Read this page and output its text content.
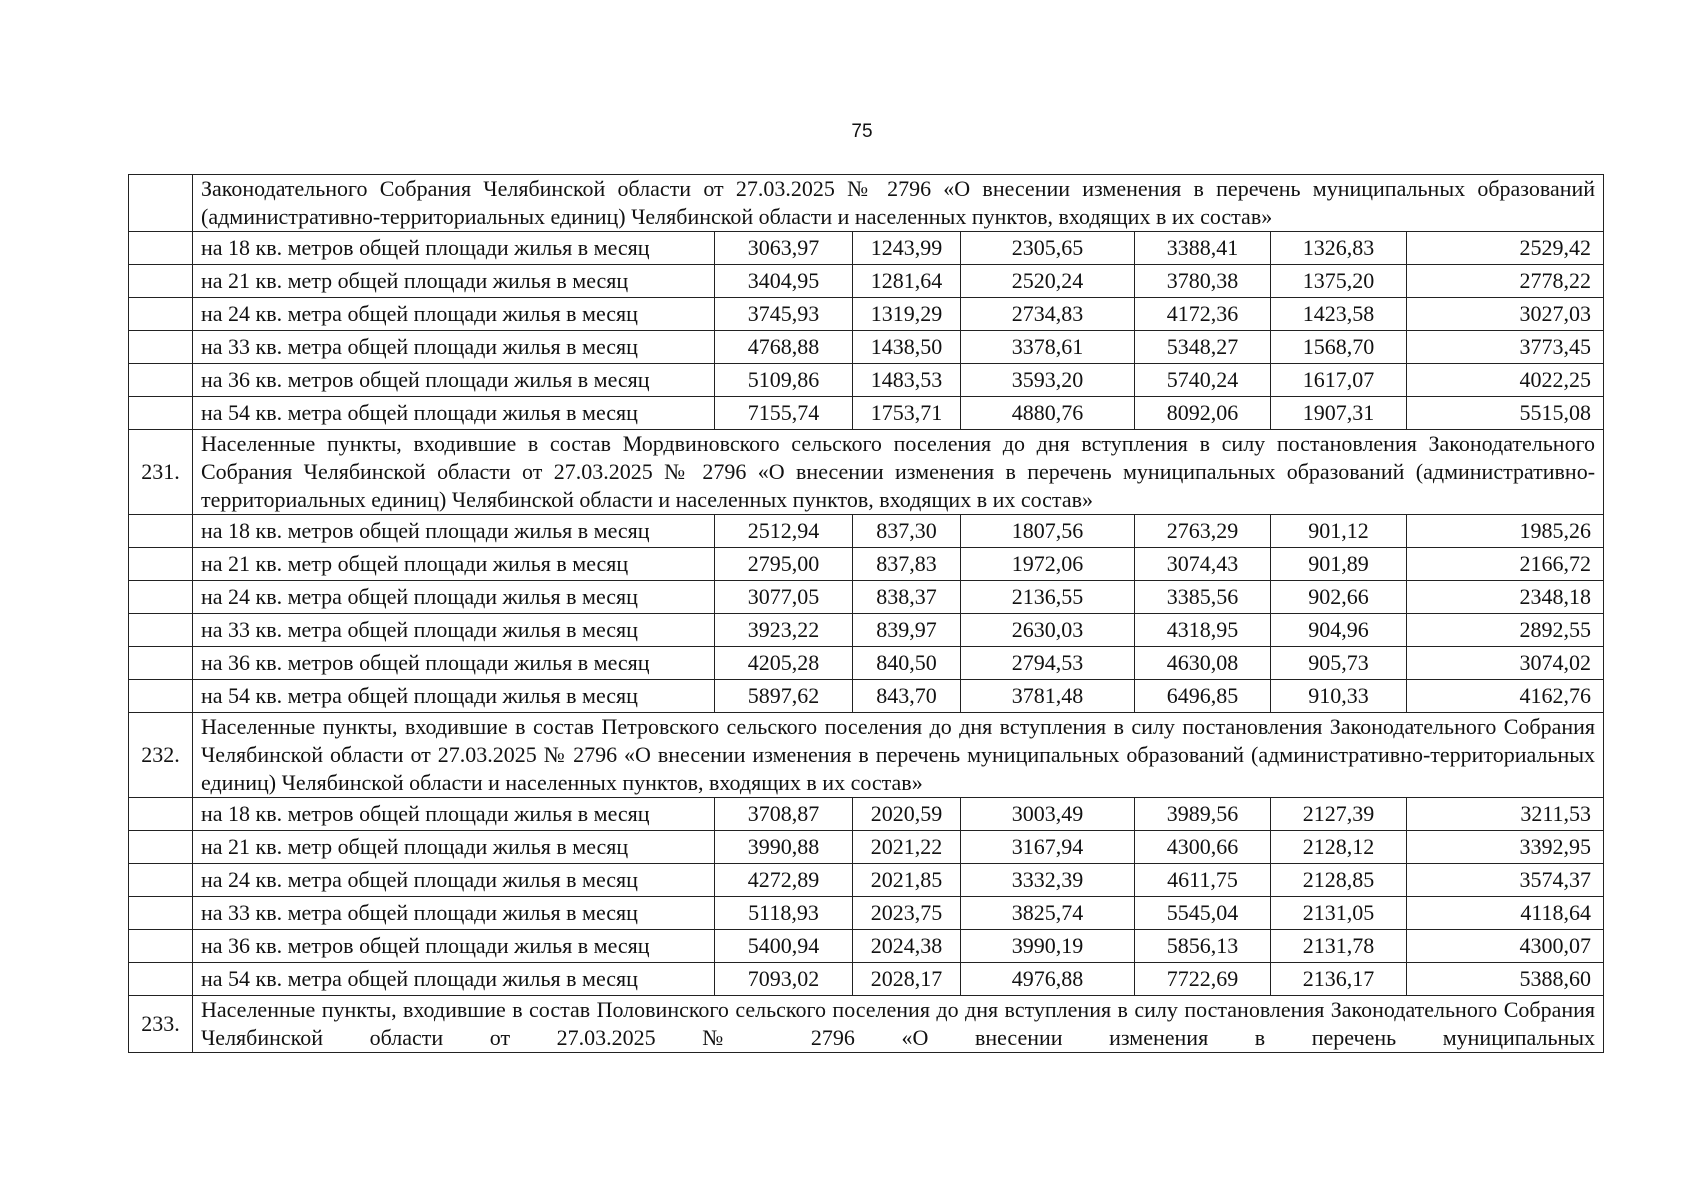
75
	Законодательного Собрания Челябинской области от 27.03.2025 № 2796 «О внесении изменения в перечень муниципальных образований (административно-территориальных единиц) Челябинской области и населенных пунктов, входящих в их состав»						
	на 18 кв. метров общей площади жилья в месяц	3063,97	1243,99	2305,65	3388,41	1326,83	2529,42
	на 21 кв. метр общей площади жилья в месяц	3404,95	1281,64	2520,24	3780,38	1375,20	2778,22
	на 24 кв. метра общей площади жилья в месяц	3745,93	1319,29	2734,83	4172,36	1423,58	3027,03
	на 33 кв. метра общей площади жилья в месяц	4768,88	1438,50	3378,61	5348,27	1568,70	3773,45
	на 36 кв. метров общей площади жилья в месяц	5109,86	1483,53	3593,20	5740,24	1617,07	4022,25
	на 54 кв. метра общей площади жилья в месяц	7155,74	1753,71	4880,76	8092,06	1907,31	5515,08
231.	Населенные пункты, входившие в состав Мордвиновского сельского поселения до дня вступления в силу постановления Законодательного Собрания Челябинской области от 27.03.2025 № 2796 «О внесении изменения в перечень муниципальных образований (административно-территориальных единиц) Челябинской области и населенных пунктов, входящих в их состав»						
	на 18 кв. метров общей площади жилья в месяц	2512,94	837,30	1807,56	2763,29	901,12	1985,26
	на 21 кв. метр общей площади жилья в месяц	2795,00	837,83	1972,06	3074,43	901,89	2166,72
	на 24 кв. метра общей площади жилья в месяц	3077,05	838,37	2136,55	3385,56	902,66	2348,18
	на 33 кв. метра общей площади жилья в месяц	3923,22	839,97	2630,03	4318,95	904,96	2892,55
	на 36 кв. метров общей площади жилья в месяц	4205,28	840,50	2794,53	4630,08	905,73	3074,02
	на 54 кв. метра общей площади жилья в месяц	5897,62	843,70	3781,48	6496,85	910,33	4162,76
232.	Населенные пункты, входившие в состав Петровского сельского поселения до дня вступления в силу постановления Законодательного Собрания Челябинской области от 27.03.2025 № 2796 «О внесении изменения в перечень муниципальных образований (административно-территориальных единиц) Челябинской области и населенных пунктов, входящих в их состав»						
	на 18 кв. метров общей площади жилья в месяц	3708,87	2020,59	3003,49	3989,56	2127,39	3211,53
	на 21 кв. метр общей площади жилья в месяц	3990,88	2021,22	3167,94	4300,66	2128,12	3392,95
	на 24 кв. метра общей площади жилья в месяц	4272,89	2021,85	3332,39	4611,75	2128,85	3574,37
	на 33 кв. метра общей площади жилья в месяц	5118,93	2023,75	3825,74	5545,04	2131,05	4118,64
	на 36 кв. метров общей площади жилья в месяц	5400,94	2024,38	3990,19	5856,13	2131,78	4300,07
	на 54 кв. метра общей площади жилья в месяц	7093,02	2028,17	4976,88	7722,69	2136,17	5388,60
233.	Населенные пункты, входившие в состав Половинского сельского поселения до дня вступления в силу постановления Законодательного Собрания Челябинской области от 27.03.2025 № 2796 «О внесении изменения в перечень муниципальных						
